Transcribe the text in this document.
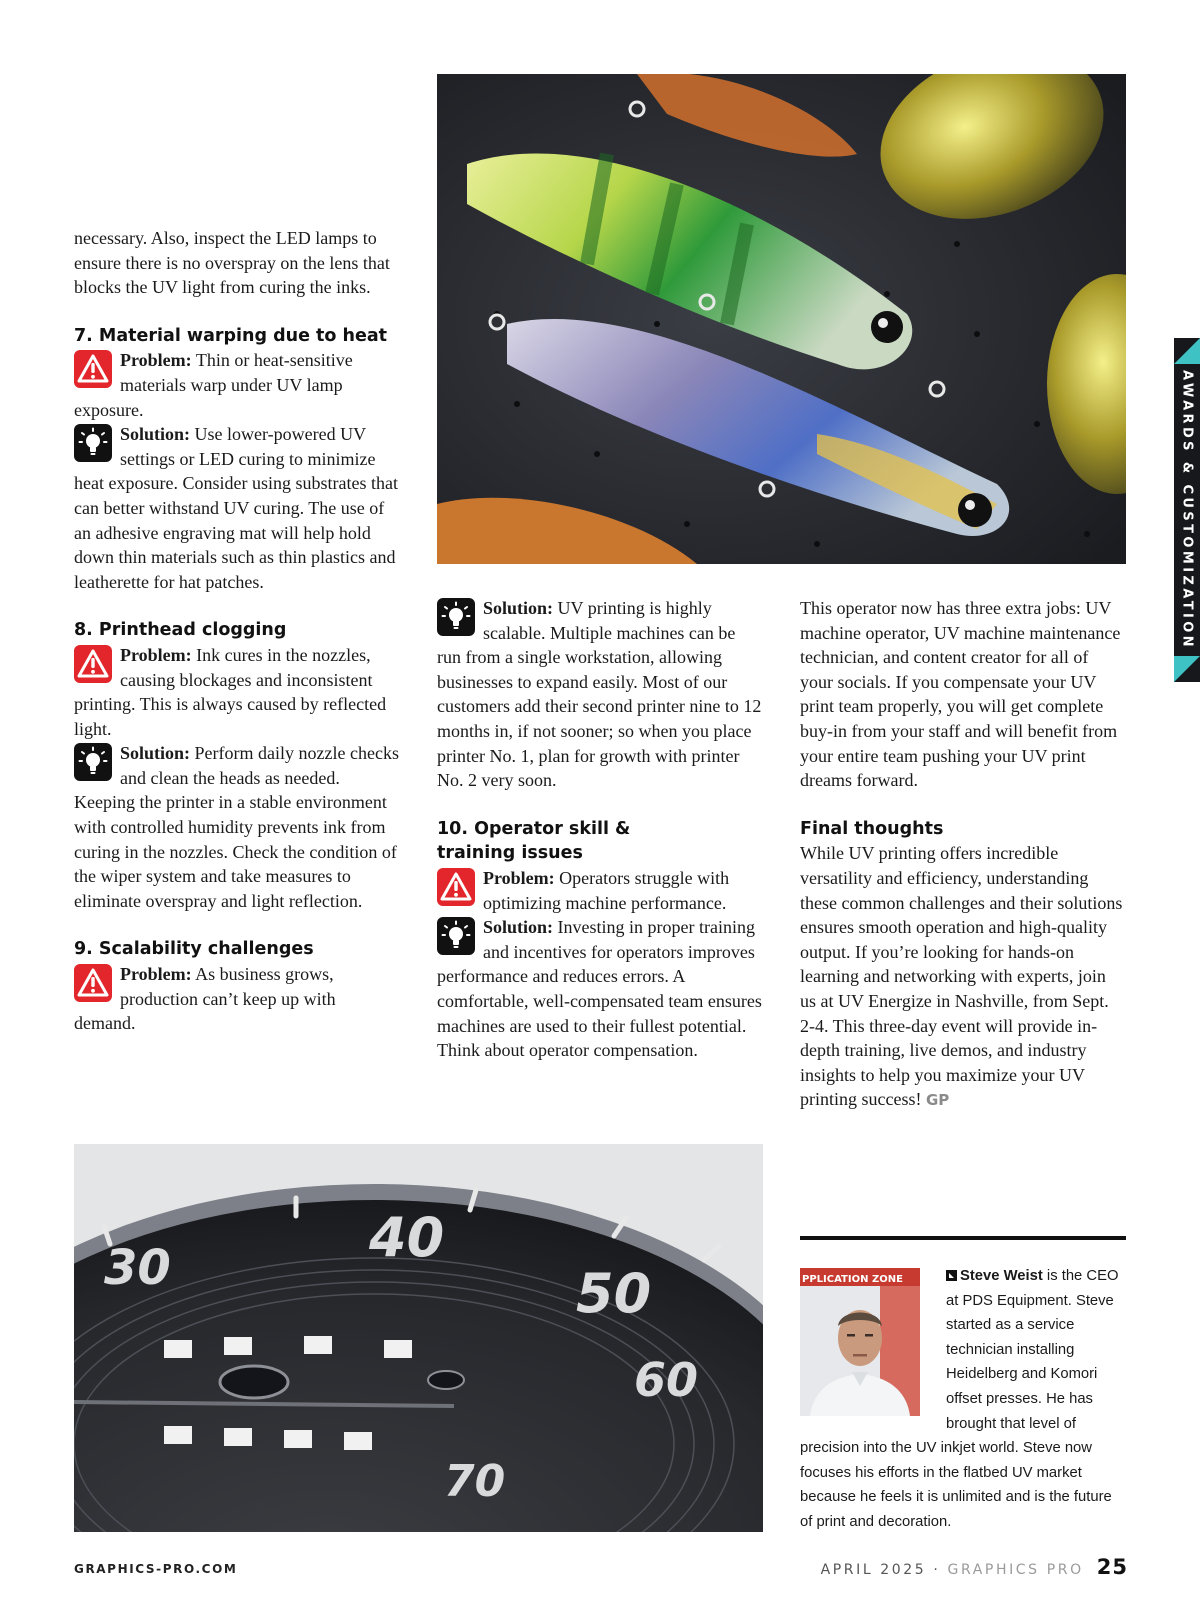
AWARDS & CUSTOMIZATION

necessary. Also, inspect the LED lamps to ensure there is no overspray on the lens that blocks the UV light from curing the inks.

7. Material warping due to heat
Problem: Thin or heat-sensitive materials warp under UV lamp exposure.
Solution: Use lower-powered UV settings or LED curing to minimize heat exposure. Consider using substrates that can better withstand UV curing. The use of an adhesive engraving mat will help hold down thin materials such as thin plastics and leatherette for hat patches.
8. Printhead clogging
Problem: Ink cures in the nozzles, causing blockages and inconsistent printing. This is always caused by reflected light.
Solution: Perform daily nozzle checks and clean the heads as needed. Keeping the printer in a stable environment with controlled humidity prevents ink from curing in the nozzles. Check the condition of the wiper system and take measures to eliminate overspray and light reflection.
9. Scalability challenges
Problem: As business grows, production can’t keep up with demand.
Solution: UV printing is highly scalable. Multiple machines can be run from a single workstation, allowing businesses to expand easily. Most of our customers add their second printer nine to 12 months in, if not sooner; so when you place printer No. 1, plan for growth with printer No. 2 very soon.
10. Operator skill &
training issues
Problem: Operators struggle with optimizing machine performance.
Solution: Investing in proper training and incentives for operators improves performance and reduces errors. A comfortable, well-compensated team ensures machines are used to their fullest potential. Think about operator compensation.

This operator now has three extra jobs: UV machine operator, UV machine maintenance technician, and content creator for all of your socials. If you compensate your UV print team properly, you will get complete buy-in from your staff and will benefit from your entire team pushing your UV print dreams forward.

Final thoughts

While UV printing offers incredible versatility and efficiency, understanding these common challenges and their solutions ensures smooth operation and high-quality output. If you’re looking for hands-on learning and networking with experts, join us at UV Energize in Nashville, from Sept. 2-4. This three-day event will provide in-depth training, live demos, and industry insights to help you maximize your UV printing success! GP

30	40
50
60
70
PPLICATION ZONE	Steve Weist is the CEO at PDS Equipment. Steve started as a service technician installing Heidelberg and Komori offset presses. He has brought that level of precision into the UV inkjet world. Steve now focuses his efforts in the flatbed UV market because he feels it is unlimited and is the future of print and decoration.
GRAPHICS-PRO.COM	APRIL 2025 · GRAPHICS PRO 25
